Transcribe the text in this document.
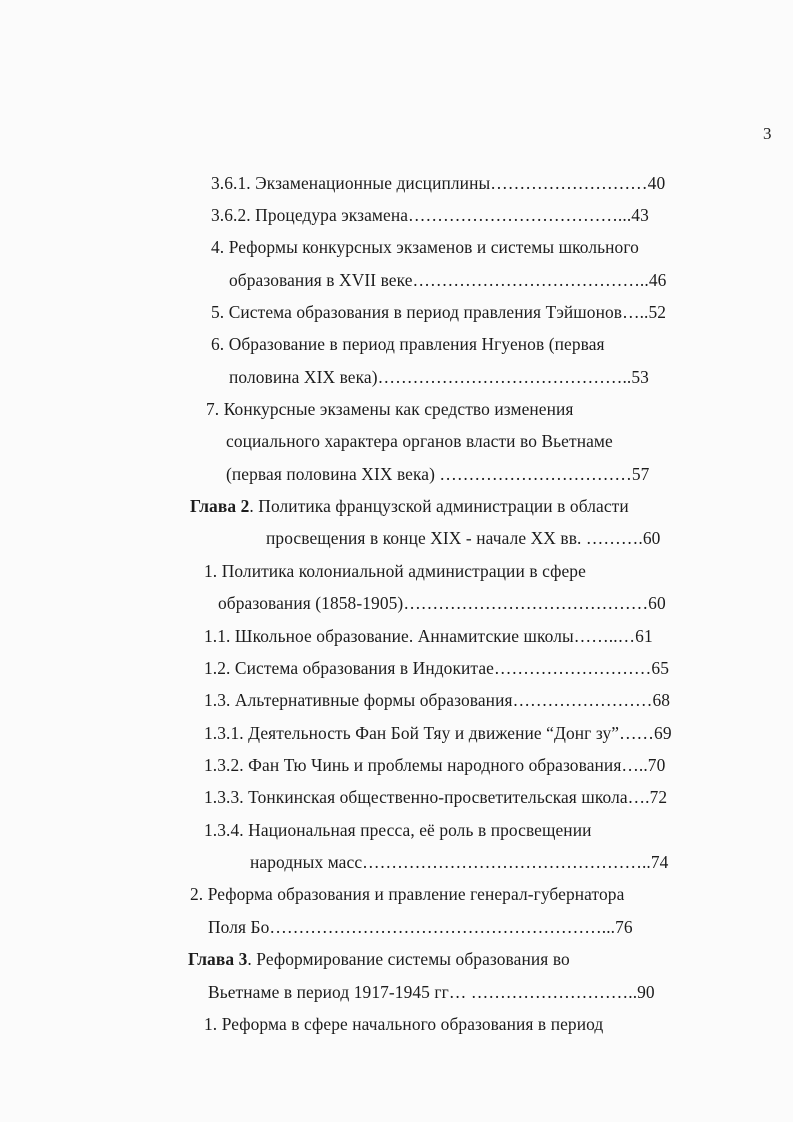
3
3.6.1. Экзаменационные дисциплины………………………40
3.6.2. Процедура экзамена………………………………...43
4. Реформы конкурсных экзаменов и системы школьного
образования в XVII веке…………………………………..46
5. Система образования в период правления Тэйшонов…..52
6. Образование в период правления Нгуенов (первая
половина XIX века)……………………………………..53
7. Конкурсные экзамены как средство изменения
социального характера органов власти во Вьетнаме
(первая половина XIX века) ……………………………57
Глава 2. Политика французской администрации в области
просвещения в конце XIX - начале XX вв. ……….60
1. Политика колониальной администрации в сфере
образования (1858-1905)……………………………………60
1.1. Школьное образование. Аннамитские школы……..…61
1.2. Система образования в Индокитае………………………65
1.3. Альтернативные формы образования……………………68
1.3.1. Деятельность Фан Бой Тяу и движение “Донг зу”……69
1.3.2. Фан Тю Чинь и проблемы народного образования…..70
1.3.3. Тонкинская общественно-просветительская школа….72
1.3.4. Национальная пресса, её роль в просвещении
народных масс…………………………………………..74
2. Реформа образования и правление генерал-губернатора
Поля Бо…………………………………………………...76
Глава 3. Реформирование системы образования во
Вьетнаме в период 1917-1945 гг… ………………………..90
1. Реформа в сфере начального образования в период
